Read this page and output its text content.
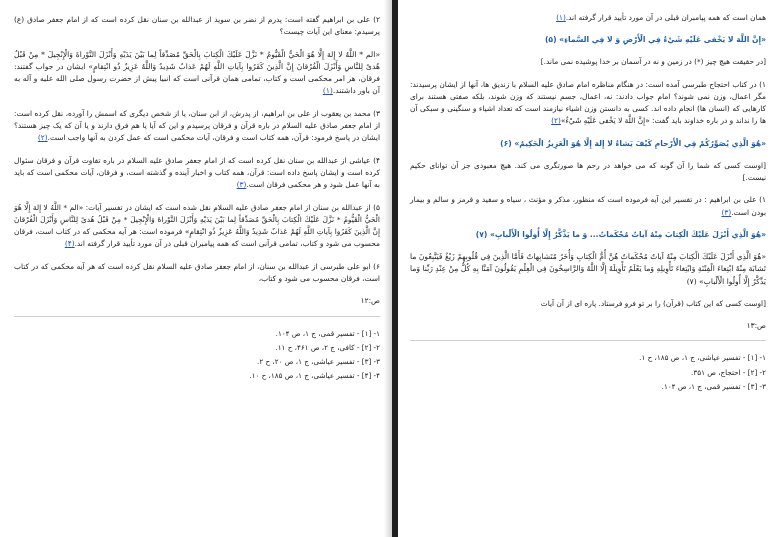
۲) علی بن ابراهیم گفته است: پدرم از نضر بن سوید از عبدالله بن سنان نقل کرده است که از امام جعفر صادق (ع) پرسیدم: معنای این آیات چیست؟

«الم * اللَّهُ لا إِلهَ إِلَّا هُوَ الْحَيُّ الْقَيُّومُ * نَزَّلَ عَلَيْكَ الْكِتابَ بِالْحَقِّ مُصَدِّقاً لِما بَيْنَ يَدَيْهِ وَأَنْزَلَ التَّوْراةَ وَالْإِنْجِيلَ * مِنْ قَبْلُ هُدىً لِلنَّاسِ وَأَنْزَلَ الْفُرْقانَ إِنَّ الَّذِينَ كَفَرُوا بِآياتِ اللَّهِ لَهُمْ عَذابٌ شَدِيدٌ وَاللَّهُ عَزِيزٌ ذُو انْتِقامٍ» ایشان در جواب گفتند: فرقان، هر امر محکمی است و کتاب، تمامی همان قرآنی است که انبیا پیش از حضرت رسول صلی الله علیه و آله به آن باور داشتند.(۱)

۳) محمد بن یعقوب از علی بن ابراهیم، از پدرش، از ابن سنان، یا از شخص دیگری که اسمش را آورده، نقل کرده است: از امام جعفر صادق علیه السلام در باره قرآن و فرقان پرسیدم و این که آیا یا هم فرق دارند و یا آن که یک چیز هستند؟ ایشان در پاسخ فرمود: قرآن، همه کتاب است و فرقان، آیات محکمی است که عمل کردن به آنها واجب است.(۲)

۴) عیاشی از عبدالله بن سنان نقل کرده است که از امام جعفر صادق علیه السلام در باره تفاوت قرآن و فرقان سئوال کرده است و ایشان پاسخ داده است: قرآن، همه کتاب و اخبار آینده و گذشته است، و فرقان، آیات محکمی است که باید به آنها عمل شود و هر محکمی فرقان است.(۳)

۵) از عبدالله بن سنان از امام جعفر صادق علیه السلام نقل شده است که ایشان در تفسیر آیات: «الم * اللَّهُ لا إِلهَ إِلَّا هُوَ الْحَيُّ الْقَيُّومُ * نَزَّلَ عَلَيْكَ الْكِتابَ بِالْحَقِّ مُصَدِّقاً لِما بَيْنَ يَدَيْهِ وَأَنْزَلَ التَّوْراةَ وَالْإِنْجِيلَ * مِنْ قَبْلُ هُدىً لِلنَّاسِ وَأَنْزَلَ الْفُرْقانَ إِنَّ الَّذِينَ كَفَرُوا بِآياتِ اللَّهِ لَهُمْ عَذابٌ شَدِيدٌ وَاللَّهُ عَزِيزٌ ذُو انْتِقامٍ» فرموده است: هر آیه محکمی که در کتاب است، فرقان محسوب می شود و کتاب، تمامی قرآنی است که همه پیامبران قبلی در آن مورد تأیید قرار گرفته اند.(۴)

۶) ابو علی طبرسی از عبدالله بن سنان، از امام جعفر صادق علیه السلام نقل کرده است که هر آیه محکمی که در کتاب است، فرقان محسوب می شود و کتاب،

ص:۱۲

۱- [۱] - تفسیر قمی، ج ۱، ص ۱۰۴.
۲- [۲] - کافی، ج ۲، ص ۴۶۱، ح ۱۱.
۳- [۳] - تفسیر عیاشی، ج ۱، ص ۲۰، ح ۲.
۴- [۴] - تفسیر عیاشی، ج ۱، ص ۱۸۵، ح ۱۰.

همان است که همه پیامبران قبلی در آن مورد تأیید قرار گرفته اند.(۱)

«إِنَّ اللَّهَ لا يَخْفى عَلَيْهِ شَيْءٌ فِي الْأَرْضِ وَ لا فِي السَّماءِ» (۵)

[در حقیقت هیچ چیز (*) در زمین و نه در آسمان بر خدا پوشیده نمی ماند.]

۱) در کتاب احتجاج طبرسی آمده است: در هنگام مناظره امام صادق علیه السلام با زندیق ها، آنها از ایشان پرسیدند: مگر اعمال، وزن نمی شوند؟ امام جواب دادند: نه، اعمال، جسم نیستند که وزن شوند، بلکه صفتی هستند برای کارهایی که (انسان ها) انجام داده اند. کسی به دانستن وزن اشیاء نیازمند است که تعداد اشیاء و سنگینی و سبکی آن ها را نداند و در باره خداوند باید گفت: «إِنَّ اللَّهَ لا يَخْفى عَلَيْهِ شَيْءٌ»(۲)

«هُوَ الَّذِي يُصَوِّرُكُمْ فِي الْأَرْحامِ كَيْفَ يَشاءُ لا إِلهَ إِلَّا هُوَ الْعَزِيزُ الْحَكِيمُ» (۶)

[اوست کسی که شما را آن گونه که می خواهد در رحم ها صورتگری می کند. هیچ معبودی جز آن توانای حکیم نیست.]

۱) علی بن ابراهیم : در تفسیر این آیه فرموده است که منظور، مذکر و مؤنث ، سیاه و سفید و قرمز و سالم و بیمار بودن است.(۳)

«هُوَ الَّذِي أَنْزَلَ عَلَيْكَ الْكِتابَ مِنْهُ آياتٌ مُحْكَماتٌ... وَ ما يَذَّكَّرُ إِلَّا أُولُوا الْأَلْبابِ» (۷)

«هُوَ الَّذِي أَنْزَلَ عَلَيْكَ الْكِتابَ مِنْهُ آياتٌ مُحْكَماتٌ هُنَّ أُمُّ الْكِتابِ وَأُخَرُ مُتَشابِهاتٌ فَأَمَّا الَّذِينَ فِي قُلُوبِهِمْ زَيْغٌ فَيَتَّبِعُونَ ما تَشابَهَ مِنْهُ ابْتِغاءَ الْفِتْنَةِ وَابْتِغاءَ تَأْوِيلِهِ وَما يَعْلَمُ تَأْوِيلَهُ إِلَّا اللَّهُ وَالرَّاسِخُونَ فِي الْعِلْمِ يَقُولُونَ آمَنَّا بِهِ كُلٌّ مِنْ عِنْدِ رَبِّنا وَما يَذَّكَّرُ إِلَّا أُولُوا الْأَلْبابِ» (۷)

[اوست کسی که این کتاب (قرآن) را بر تو فرو فرستاد. پاره ای از آن آیات

ص:۱۳

۱- [۱] - تفسیر عیاشی، ج ۱، ص ۱۸۵، ح ۱.
۲- [۲] - احتجاج، ص ۳۵۱.
۳- [۳] - تفسیر قمی، ج ۱، ص ۱۰۴.
